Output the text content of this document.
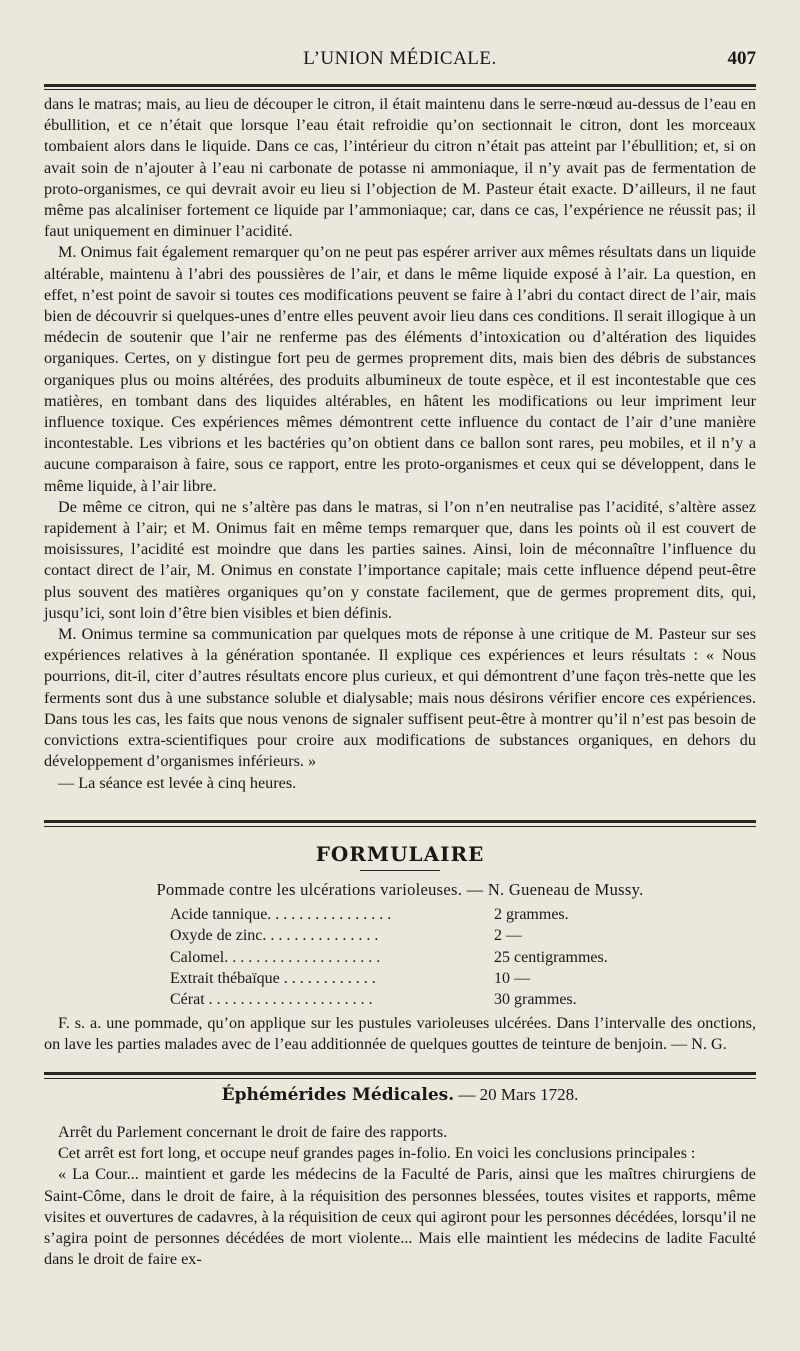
L’UNION MÉDICALE.	407

dans le matras; mais, au lieu de découper le citron, il était maintenu dans le serre-nœud au-dessus de l’eau en ébullition, et ce n’était que lorsque l’eau était refroidie qu’on sectionnait le citron, dont les morceaux tombaient alors dans le liquide. Dans ce cas, l’intérieur du citron n’était pas atteint par l’ébullition; et, si on avait soin de n’ajouter à l’eau ni carbonate de potasse ni ammoniaque, il n’y avait pas de fermentation de proto-organismes, ce qui devrait avoir eu lieu si l’objection de M. Pasteur était exacte. D’ailleurs, il ne faut même pas alcaliniser fortement ce liquide par l’ammoniaque; car, dans ce cas, l’expérience ne réussit pas; il faut uniquement en diminuer l’acidité.

M. Onimus fait également remarquer qu’on ne peut pas espérer arriver aux mêmes résultats dans un liquide altérable, maintenu à l’abri des poussières de l’air, et dans le même liquide exposé à l’air. La question, en effet, n’est point de savoir si toutes ces modifications peuvent se faire à l’abri du contact direct de l’air, mais bien de découvrir si quelques-unes d’entre elles peuvent avoir lieu dans ces conditions. Il serait illogique à un médecin de soutenir que l’air ne renferme pas des éléments d’intoxication ou d’altération des liquides organiques. Certes, on y distingue fort peu de germes proprement dits, mais bien des débris de substances organiques plus ou moins altérées, des produits albumineux de toute espèce, et il est incontestable que ces matières, en tombant dans des liquides altérables, en hâtent les modifications ou leur impriment leur influence toxique. Ces expériences mêmes démontrent cette influence du contact de l’air d’une manière incontestable. Les vibrions et les bactéries qu’on obtient dans ce ballon sont rares, peu mobiles, et il n’y a aucune comparaison à faire, sous ce rapport, entre les proto-organismes et ceux qui se développent, dans le même liquide, à l’air libre.

De même ce citron, qui ne s’altère pas dans le matras, si l’on n’en neutralise pas l’acidité, s’altère assez rapidement à l’air; et M. Onimus fait en même temps remarquer que, dans les points où il est couvert de moisissures, l’acidité est moindre que dans les parties saines. Ainsi, loin de méconnaître l’influence du contact direct de l’air, M. Onimus en constate l’importance capitale; mais cette influence dépend peut-être plus souvent des matières organiques qu’on y constate facilement, que de germes proprement dits, qui, jusqu’ici, sont loin d’être bien visibles et bien définis.

M. Onimus termine sa communication par quelques mots de réponse à une critique de M. Pasteur sur ses expériences relatives à la génération spontanée. Il explique ces expériences et leurs résultats : « Nous pourrions, dit-il, citer d’autres résultats encore plus curieux, et qui démontrent d’une façon très-nette que les ferments sont dus à une substance soluble et dialysable; mais nous désirons vérifier encore ces expériences. Dans tous les cas, les faits que nous venons de signaler suffisent peut-être à montrer qu’il n’est pas besoin de convictions extra-scientifiques pour croire aux modifications de substances organiques, en dehors du développement d’organismes inférieurs. »

— La séance est levée à cinq heures.

FORMULAIRE
Pommade contre les ulcérations varioleuses. — N. Gueneau de Mussy.
Acide tannique. . . . . . . . . . . . . . . .	2 grammes.
Oxyde de zinc. . . . . . . . . . . . . . .	2 —
Calomel. . . . . . . . . . . . . . . . . . . .	25 centigrammes.
Extrait thébaïque . . . . . . . . . . . .	10 —
Cérat . . . . . . . . . . . . . . . . . . . . .	30 grammes.

F. s. a. une pommade, qu’on applique sur les pustules varioleuses ulcérées. Dans l’intervalle des onctions, on lave les parties malades avec de l’eau additionnée de quelques gouttes de teinture de benjoin. — N. G.

Éphémérides Médicales. — 20 Mars 1728.

Arrêt du Parlement concernant le droit de faire des rapports.

Cet arrêt est fort long, et occupe neuf grandes pages in-folio. En voici les conclusions principales :

« La Cour... maintient et garde les médecins de la Faculté de Paris, ainsi que les maîtres chirurgiens de Saint-Côme, dans le droit de faire, à la réquisition des personnes blessées, toutes visites et rapports, même visites et ouvertures de cadavres, à la réquisition de ceux qui agiront pour les personnes décédées, lorsqu’il ne s’agira point de personnes décédées de mort violente... Mais elle maintient les médecins de ladite Faculté dans le droit de faire ex-
